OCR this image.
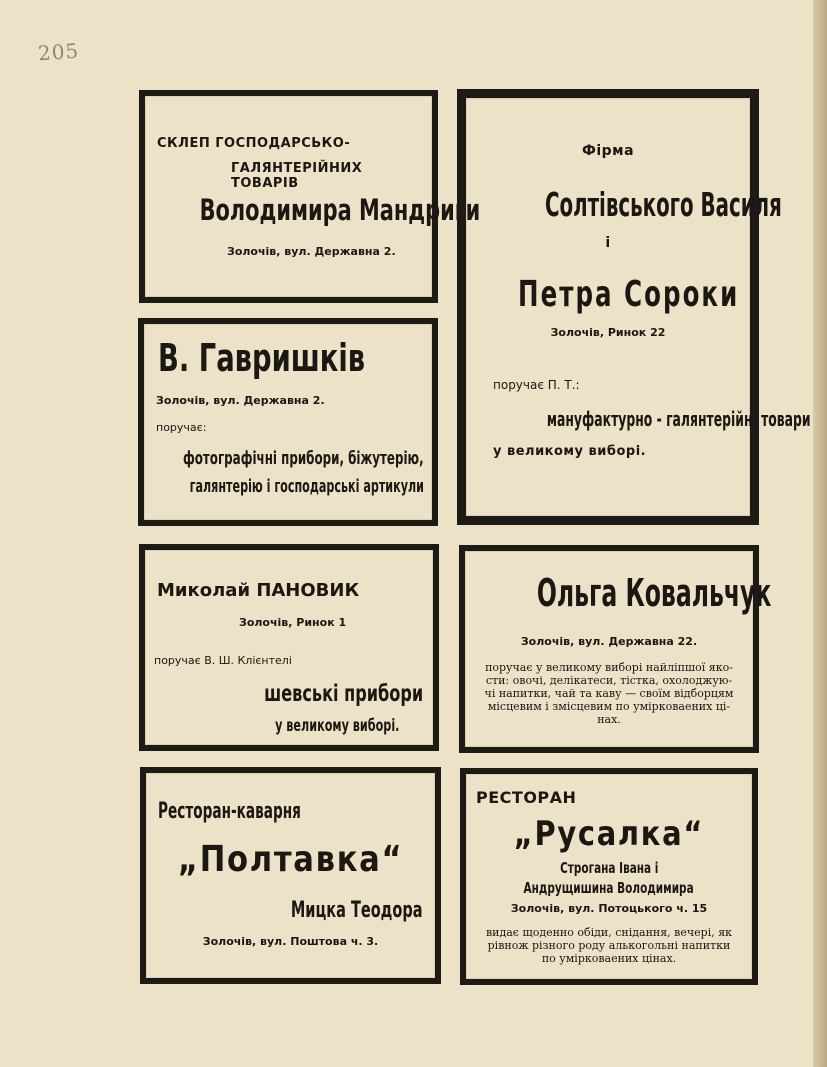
205

СКЛЕП ГОСПОДАРСЬКО-

ГАЛЯНТЕРІЙНИХ ТОВАРІВ

Володимира Мандриги

Золочів, вул. Державна 2.

Фірма

Солтівського Василя

і

Петра Сороки

Золочів, Ринок 22

поручає П. Т.:

мануфактурно - галянтерійні товари

у великому виборі.

В. Гавришків

Золочів, вул. Державна 2.

поручає:

фотографічні прибори, біжутерію,
галянтерію і господарські артикули

Миколай ПАНОВИК

Золочів, Ринок 1

поручає В. Ш. Клієнтелі

шевські прибори
у великому виборі.
Ольга Ковальчук

Золочів, вул. Державна 22.

поручає у великому виборі найліпшої яко-

сти: овочі, делікатеси, тістка, охолоджую-

чі напитки, чай та каву — своїм відборцям

місцевим і змісцевим по умірковаених ці-

нах.

Ресторан-каварня
„Полтавка“
Мицка Теодора

Золочів, вул. Поштова ч. 3.

РЕСТОРАН

„Русалка“
Строгана Івана і
Андрущишина Володимира

Золочів, вул. Потоцького ч. 15

видає щоденно обіди, снідання, вечері, як

рівнож різного роду алькогольні напитки

по умірковаених цінах.
